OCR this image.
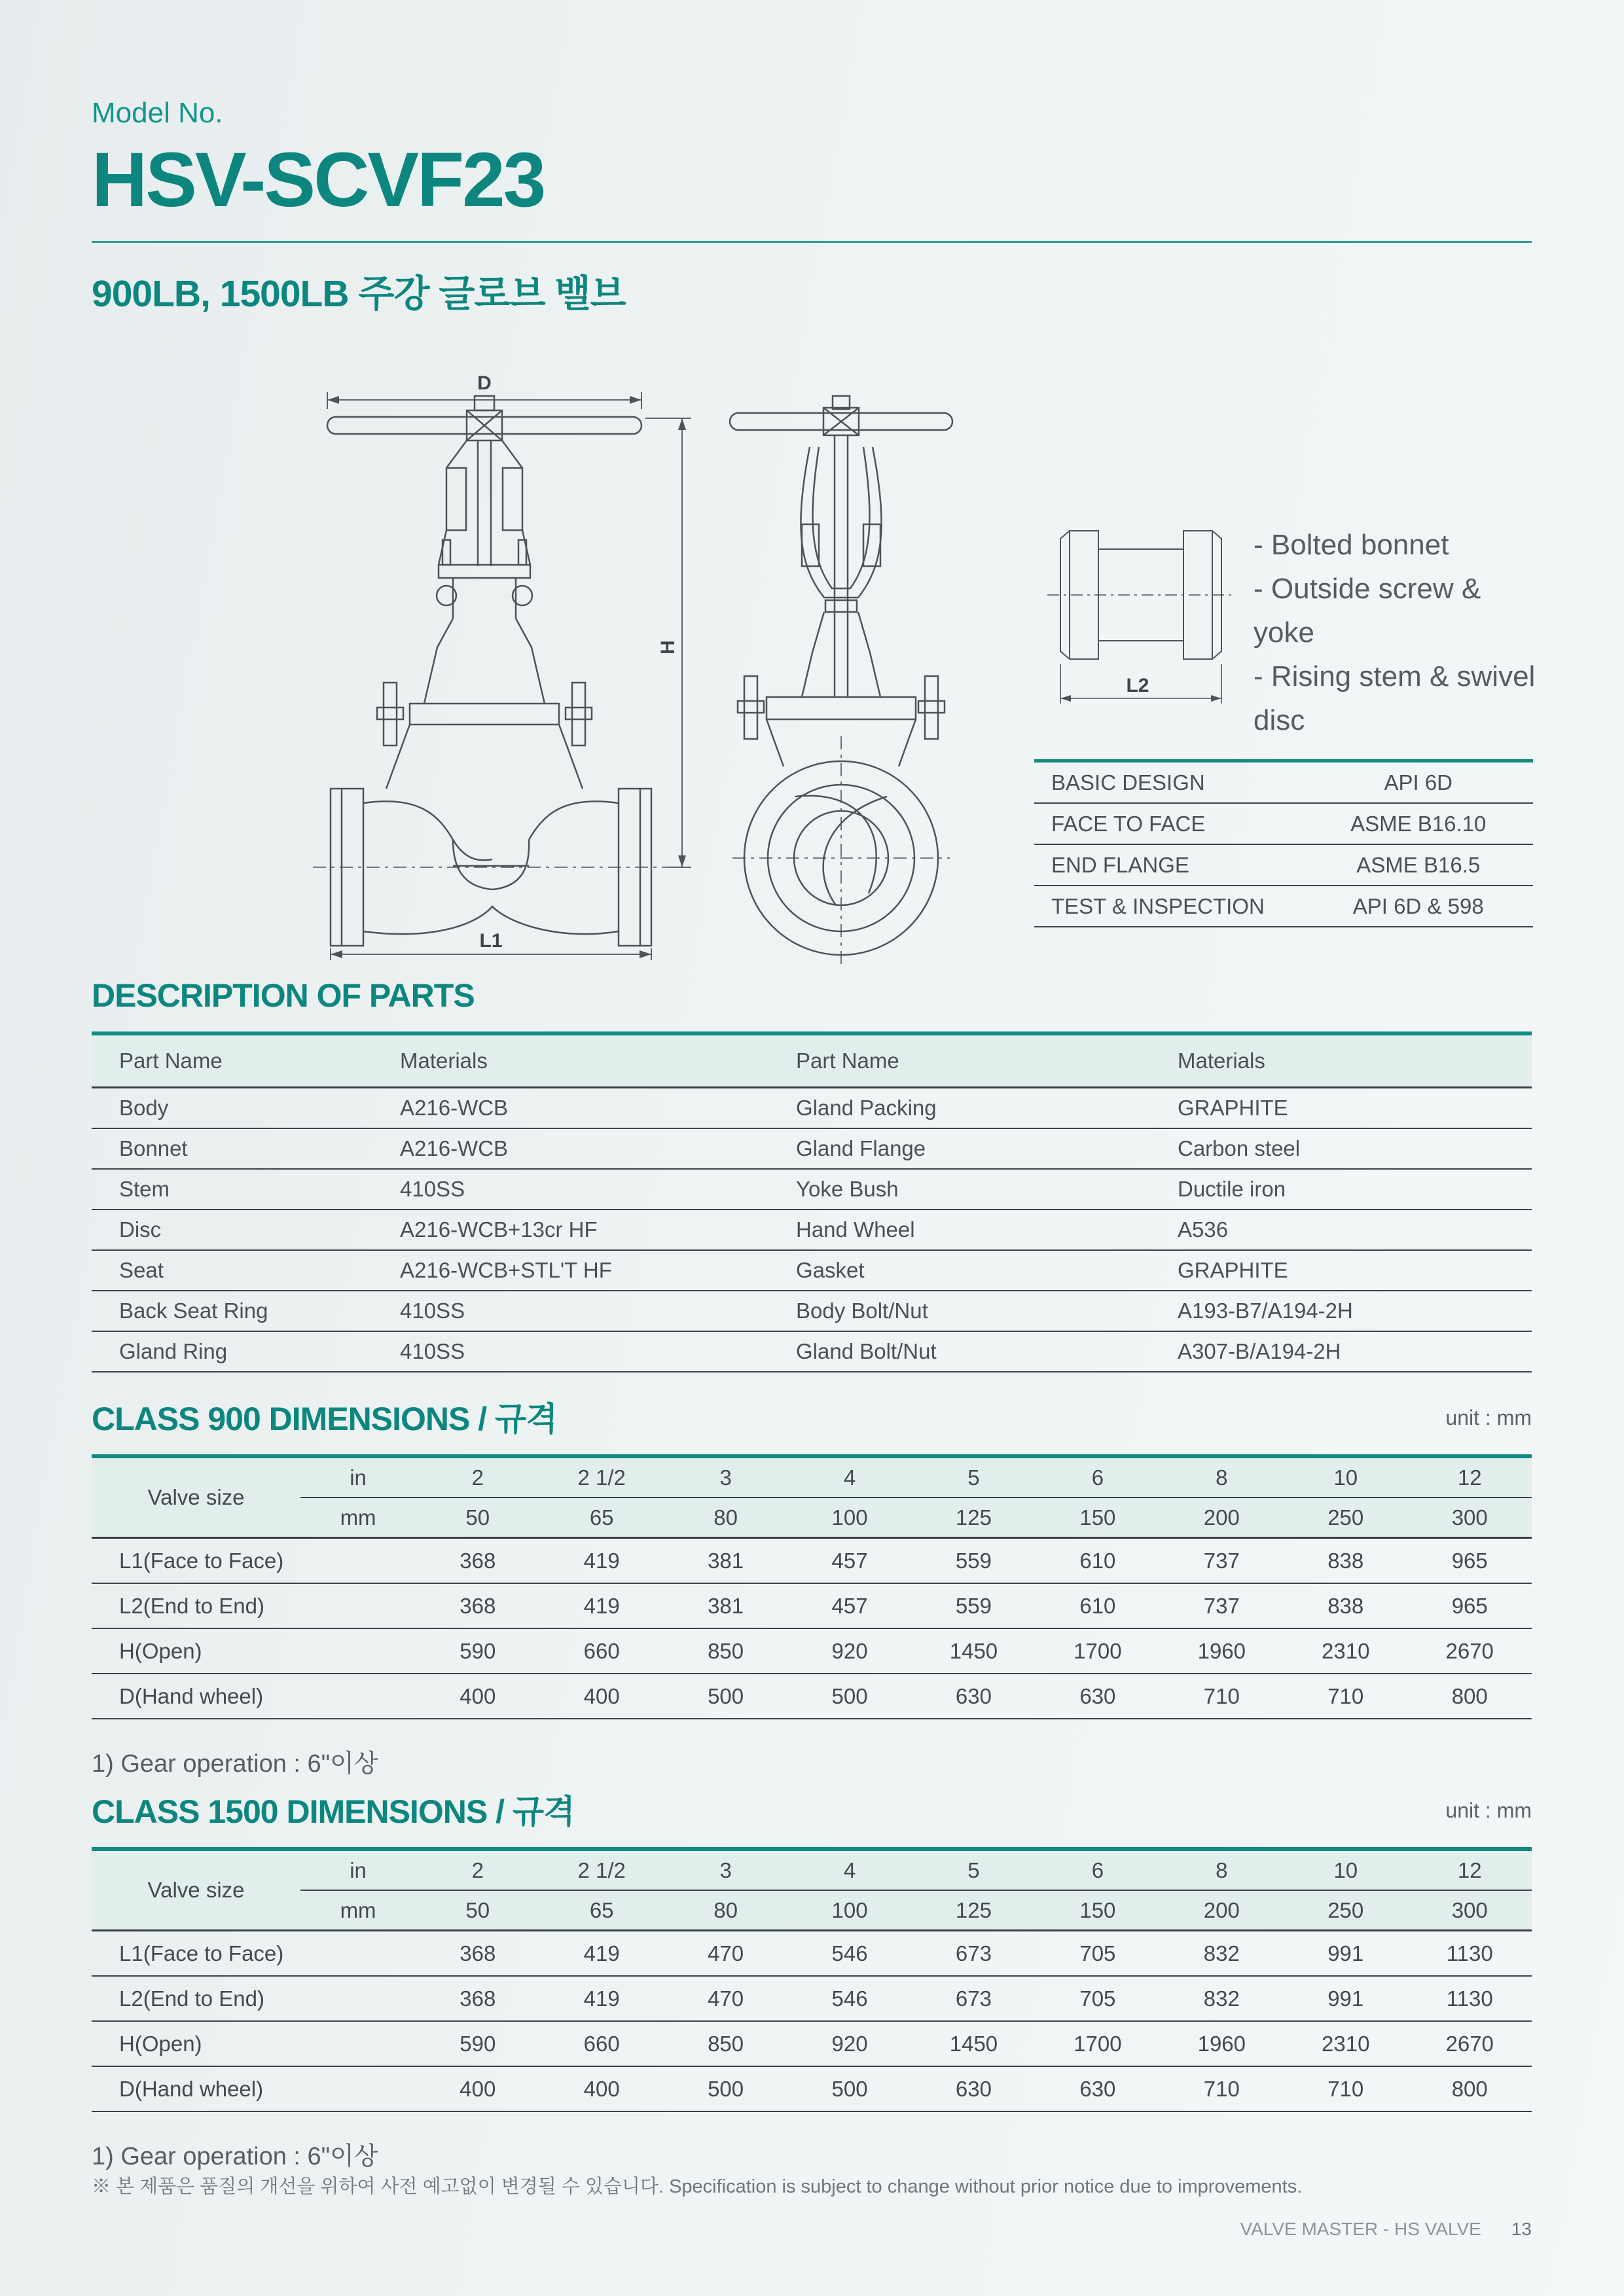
Model No.
HSV-SCVF23
900LB, 1500LB 주강 글로브 밸브
D
H
L1
L2
- Bolted bonnet
- Outside screw & yoke
- Rising stem & swivel disc
BASIC DESIGN	API 6D
FACE TO FACE	ASME B16.10
END FLANGE	ASME B16.5
TEST & INSPECTION	API 6D & 598
DESCRIPTION OF PARTS
Part Name	Materials	Part Name	Materials
Body	A216-WCB	Gland Packing	GRAPHITE
Bonnet	A216-WCB	Gland Flange	Carbon steel
Stem	410SS	Yoke Bush	Ductile iron
Disc	A216-WCB+13cr HF	Hand Wheel	A536
Seat	A216-WCB+STL'T HF	Gasket	GRAPHITE
Back Seat Ring	410SS	Body Bolt/Nut	A193-B7/A194-2H
Gland Ring	410SS	Gland Bolt/Nut	A307-B/A194-2H
CLASS 900 DIMENSIONS / 규격	unit : mm
Valve size	in	2	2 1/2	3	4	5	6	8	10	12
	mm	50	65	80	100	125	150	200	250	300
L1(Face to Face)		368	419	381	457	559	610	737	838	965
L2(End to End)		368	419	381	457	559	610	737	838	965
H(Open)		590	660	850	920	1450	1700	1960	2310	2670
D(Hand wheel)		400	400	500	500	630	630	710	710	800

1) Gear operation : 6"이상

CLASS 1500 DIMENSIONS / 규격	unit : mm
Valve size	in	2	2 1/2	3	4	5	6	8	10	12
	mm	50	65	80	100	125	150	200	250	300
L1(Face to Face)		368	419	470	546	673	705	832	991	1130
L2(End to End)		368	419	470	546	673	705	832	991	1130
H(Open)		590	660	850	920	1450	1700	1960	2310	2670
D(Hand wheel)		400	400	500	500	630	630	710	710	800

1) Gear operation : 6"이상

※ 본 제품은 품질의 개선을 위하여 사전 예고없이 변경될 수 있습니다. Specification is subject to change without prior notice due to improvements.
VALVE MASTER - HS VALVE 13
